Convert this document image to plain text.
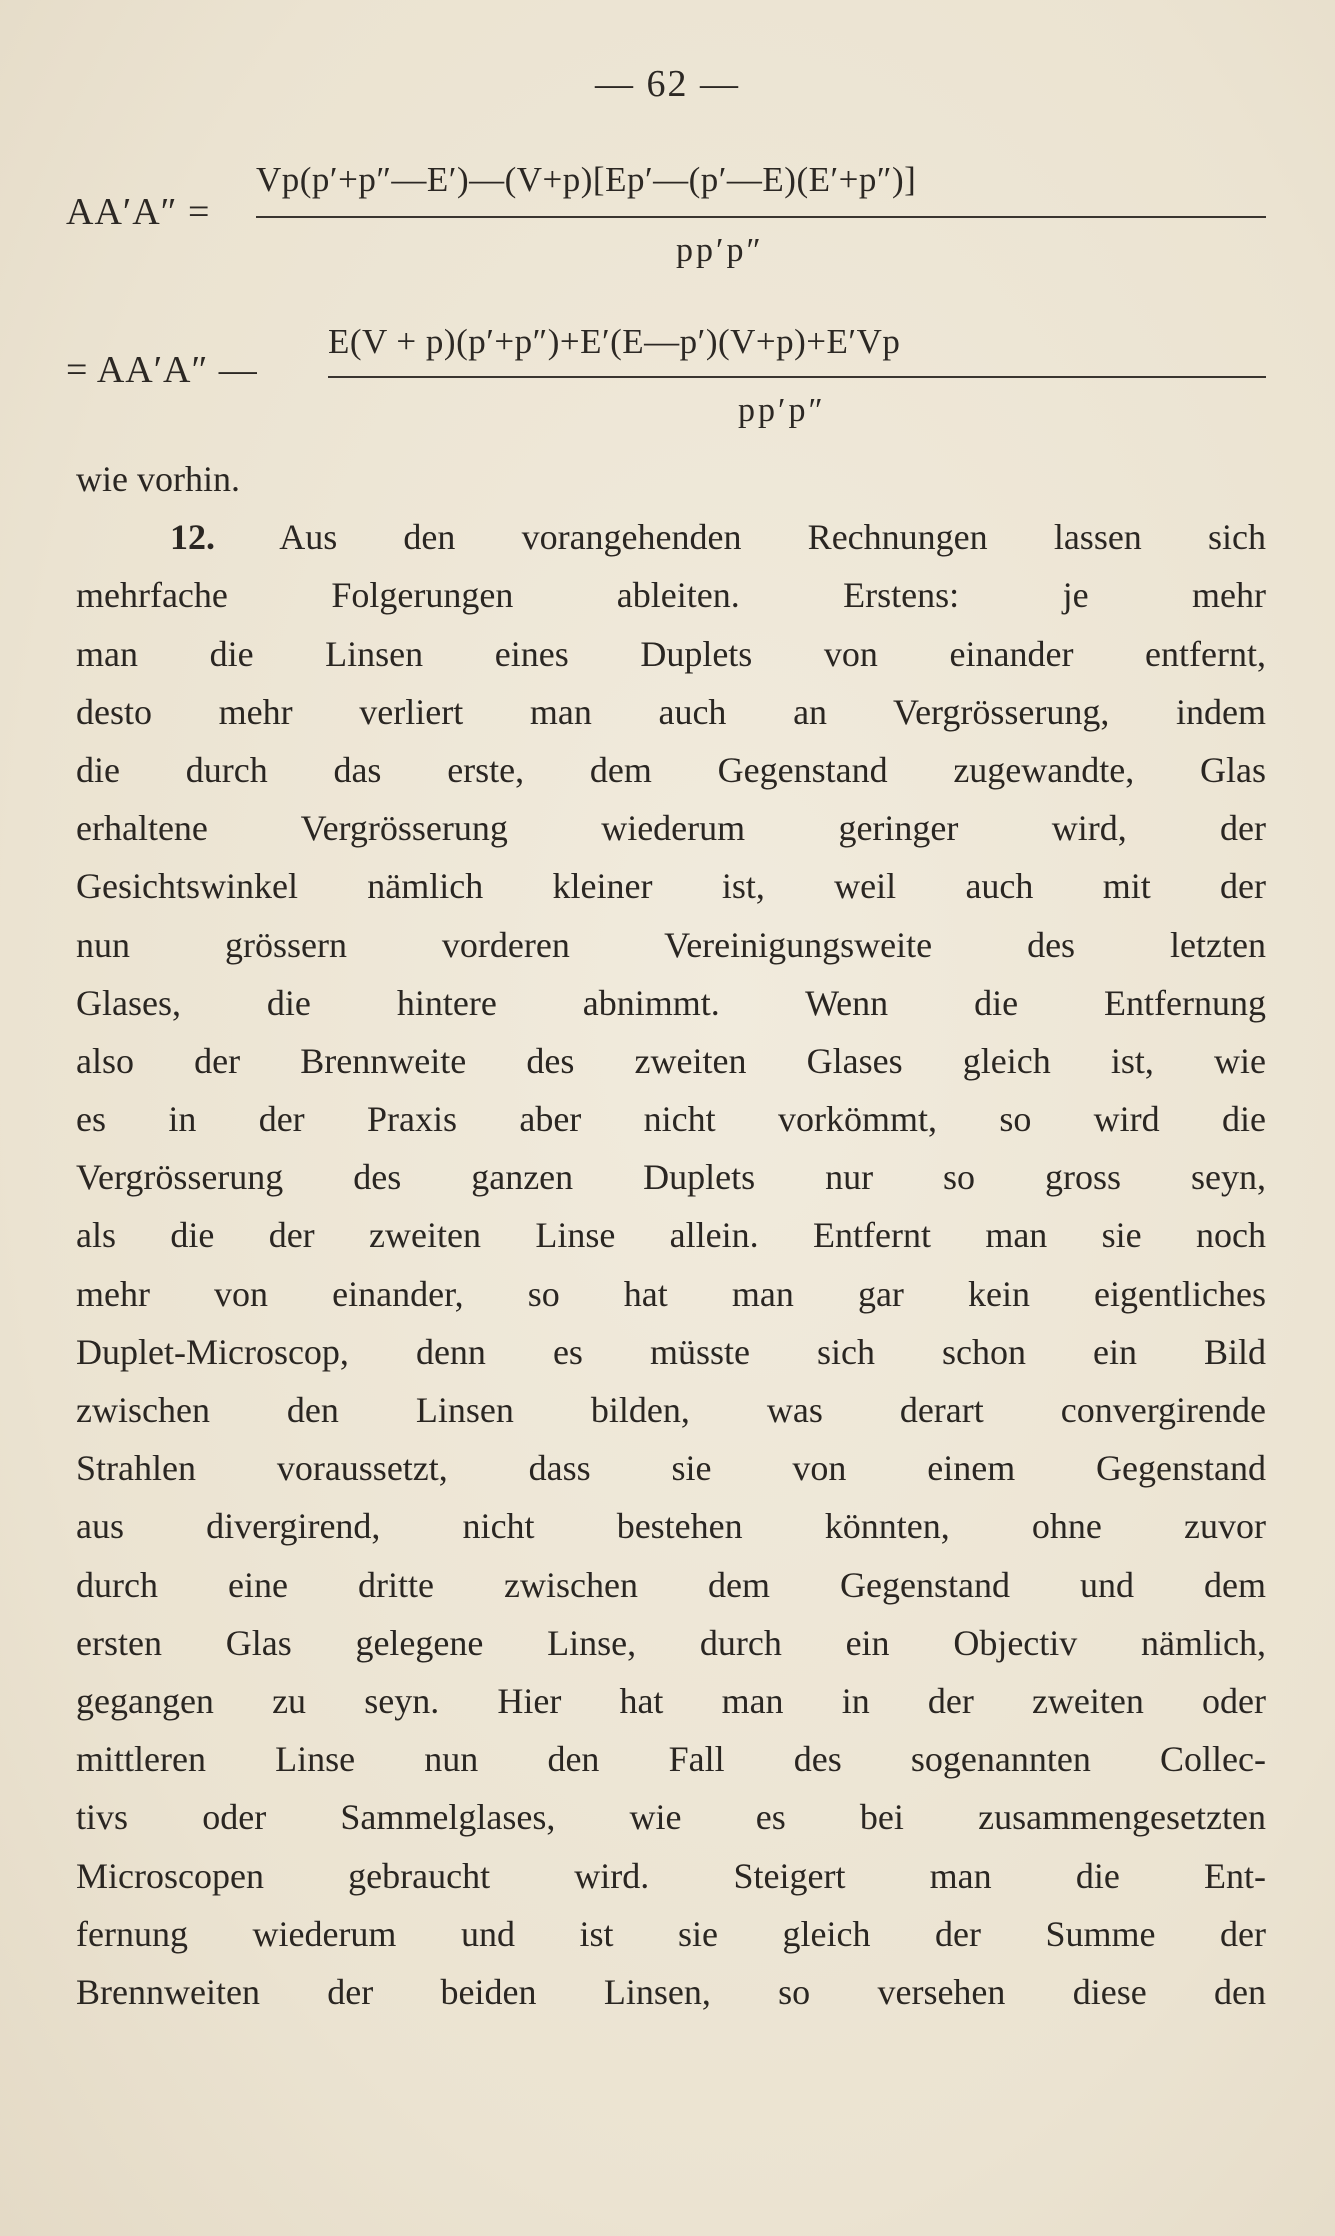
— 62 —
AA′A″ =
Vp(p′+p″—E′)—(V+p)[Ep′—(p′—E)(E′+p″)]
pp′p″
= AA′A″ —
E(V + p)(p′+p″)+E′(E—p′)(V+p)+E′Vp
pp′p″
wie vorhin.
12. Aus den vorangehenden Rechnungen lassen sich
mehrfache Folgerungen ableiten. Erstens: je mehr
man die Linsen eines Duplets von einander entfernt,
desto mehr verliert man auch an Vergrösserung, indem
die durch das erste, dem Gegenstand zugewandte, Glas
erhaltene Vergrösserung wiederum geringer wird, der
Gesichtswinkel nämlich kleiner ist, weil auch mit der
nun grössern vorderen Vereinigungsweite des letzten
Glases, die hintere abnimmt. Wenn die Entfernung
also der Brennweite des zweiten Glases gleich ist, wie
es in der Praxis aber nicht vorkömmt, so wird die
Vergrösserung des ganzen Duplets nur so gross seyn,
als die der zweiten Linse allein. Entfernt man sie noch
mehr von einander, so hat man gar kein eigentliches
Duplet-Microscop, denn es müsste sich schon ein Bild
zwischen den Linsen bilden, was derart convergirende
Strahlen voraussetzt, dass sie von einem Gegenstand
aus divergirend, nicht bestehen könnten, ohne zuvor
durch eine dritte zwischen dem Gegenstand und dem
ersten Glas gelegene Linse, durch ein Objectiv nämlich,
gegangen zu seyn. Hier hat man in der zweiten oder
mittleren Linse nun den Fall des sogenannten Collec-
tivs oder Sammelglases, wie es bei zusammengesetzten
Microscopen gebraucht wird. Steigert man die Ent-
fernung wiederum und ist sie gleich der Summe der
Brennweiten der beiden Linsen, so versehen diese den
